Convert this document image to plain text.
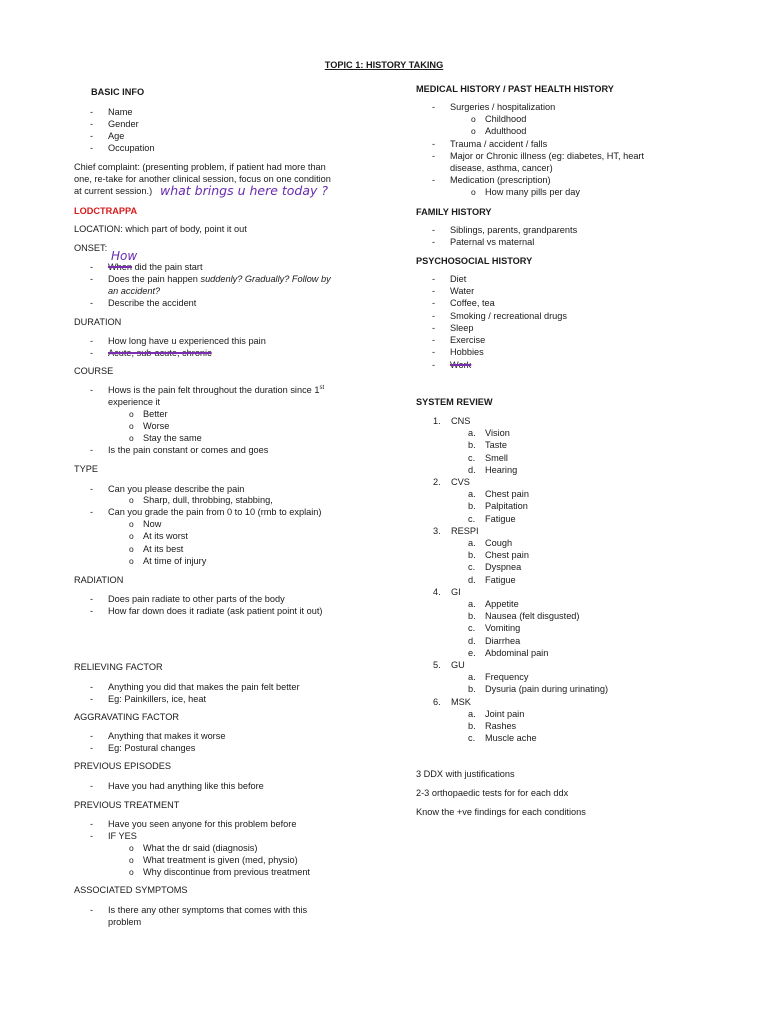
TOPIC 1: HISTORY TAKING
BASIC INFO
- Name
- Gender
- Age
- Occupation
Chief complaint: (presenting problem, if patient had more than
one, re-take for another clinical session, focus on one condition
at current session.) what brings u here today ?
LODCTRAPPA
LOCATION: which part of body, point it out
ONSET:
How
- When did the pain start
- Does the pain happen suddenly? Gradually? Follow by
an accident?
- Describe the accident
DURATION
- How long have u experienced this pain
- Acute, sub-acute, chronic
COURSE
- Hows is the pain felt throughout the duration since 1st
experience it
o Better
o Worse
o Stay the same
- Is the pain constant or comes and goes
TYPE
- Can you please describe the pain
o Sharp, dull, throbbing, stabbing,
- Can you grade the pain from 0 to 10 (rmb to explain)
o Now
o At its worst
o At its best
o At time of injury
RADIATION
- Does pain radiate to other parts of the body
- How far down does it radiate (ask patient point it out)
RELIEVING FACTOR
- Anything you did that makes the pain felt better
- Eg: Painkillers, ice, heat
AGGRAVATING FACTOR
- Anything that makes it worse
- Eg: Postural changes
PREVIOUS EPISODES
- Have you had anything like this before
PREVIOUS TREATMENT
- Have you seen anyone for this problem before
- IF YES
o What the dr said (diagnosis)
o What treatment is given (med, physio)
o Why discontinue from previous treatment
ASSOCIATED SYMPTOMS
- Is there any other symptoms that comes with this
problem
MEDICAL HISTORY / PAST HEALTH HISTORY
- Surgeries / hospitalization
o Childhood
o Adulthood
- Trauma / accident / falls
- Major or Chronic illness (eg: diabetes, HT, heart
disease, asthma, cancer)
- Medication (prescription)
o How many pills per day
FAMILY HISTORY
- Siblings, parents, grandparents
- Paternal vs maternal
PSYCHOSOCIAL HISTORY
- Diet
- Water
- Coffee, tea
- Smoking / recreational drugs
- Sleep
- Exercise
- Hobbies
- Work
SYSTEM REVIEW
1. CNS
a. Vision
b. Taste
c. Smell
d. Hearing
2. CVS
a. Chest pain
b. Palpitation
c. Fatigue
3. RESPI
a. Cough
b. Chest pain
c. Dyspnea
d. Fatigue
4. GI
a. Appetite
b. Nausea (felt disgusted)
c. Vomiting
d. Diarrhea
e. Abdominal pain
5. GU
a. Frequency
b. Dysuria (pain during urinating)
6. MSK
a. Joint pain
b. Rashes
c. Muscle ache
3 DDX with justifications
2-3 orthopaedic tests for for each ddx
Know the +ve findings for each conditions
